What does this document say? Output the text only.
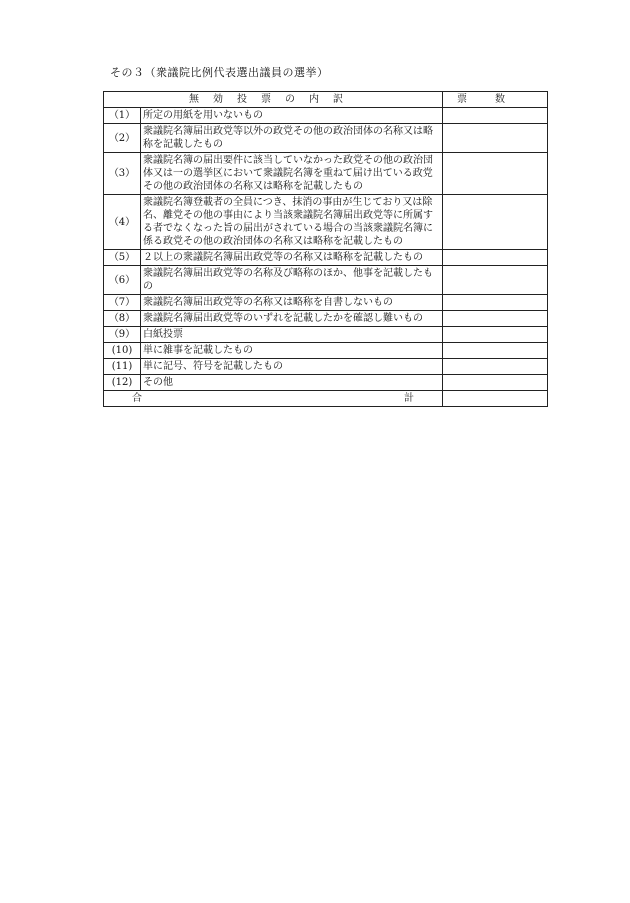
その３（衆議院比例代表選出議員の選挙）
無効投票の内訳		票数
（1）	所定の用紙を用いないもの	
（2）	衆議院名簿届出政党等以外の政党その他の政治団体の名称又は略称を記載したもの	
（3）	衆議院名簿の届出要件に該当していなかった政党その他の政治団体又は一の選挙区において衆議院名簿を重ねて届け出ている政党その他の政治団体の名称又は略称を記載したもの	
（4）	衆議院名簿登載者の全員につき、抹消の事由が生じており又は除名、離党その他の事由により当該衆議院名簿届出政党等に所属する者でなくなった旨の届出がされている場合の当該衆議院名簿に係る政党その他の政治団体の名称又は略称を記載したもの	
（5）	２以上の衆議院名簿届出政党等の名称又は略称を記載したもの	
（6）	衆議院名簿届出政党等の名称及び略称のほか、他事を記載したもの	
（7）	衆議院名簿届出政党等の名称又は略称を自書しないもの	
（8）	衆議院名簿届出政党等のいずれを記載したかを確認し難いもの	
（9）	白紙投票	
(10)	単に雑事を記載したもの	
(11)	単に記号、符号を記載したもの	
(12)	その他	

合 計		
